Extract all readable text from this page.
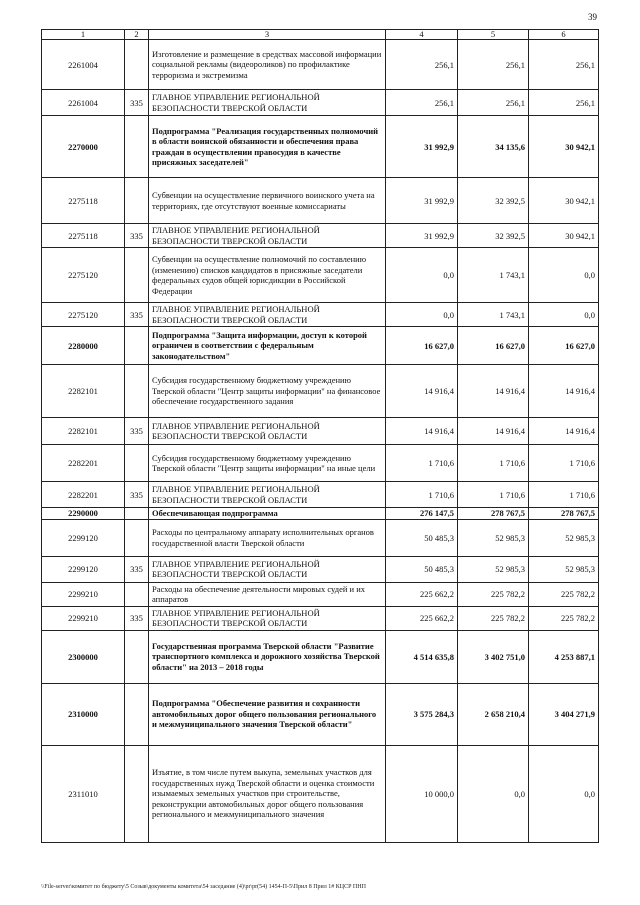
39
1	2	3	4	5	6
2261004		Изготовление и размещение в средствах массовой информации социальной рекламы (видеороликов) по профилактике терроризма и экстремизма	256,1	256,1	256,1
2261004	335	ГЛАВНОЕ УПРАВЛЕНИЕ РЕГИОНАЛЬНОЙ БЕЗОПАСНОСТИ ТВЕРСКОЙ ОБЛАСТИ	256,1	256,1	256,1
2270000		Подпрограмма "Реализация государственных полномочий в области воинской обязанности и обеспечения права граждан в осуществлении правосудия в качестве присяжных заседателей"	31 992,9	34 135,6	30 942,1
2275118		Субвенции на осуществление первичного воинского учета на территориях, где отсутствуют военные комиссариаты	31 992,9	32 392,5	30 942,1
2275118	335	ГЛАВНОЕ УПРАВЛЕНИЕ РЕГИОНАЛЬНОЙ БЕЗОПАСНОСТИ ТВЕРСКОЙ ОБЛАСТИ	31 992,9	32 392,5	30 942,1
2275120		Субвенции на осуществление полномочий по составлению (изменению) списков кандидатов в присяжные заседатели федеральных судов общей юрисдикции в Российской Федерации	0,0	1 743,1	0,0
2275120	335	ГЛАВНОЕ УПРАВЛЕНИЕ РЕГИОНАЛЬНОЙ БЕЗОПАСНОСТИ ТВЕРСКОЙ ОБЛАСТИ	0,0	1 743,1	0,0
2280000		Подпрограмма "Защита информации, доступ к которой ограничен в соответствии с федеральным законодательством"	16 627,0	16 627,0	16 627,0
2282101		Субсидия государственному бюджетному учреждению Тверской области "Центр защиты информации" на финансовое обеспечение государственного задания	14 916,4	14 916,4	14 916,4
2282101	335	ГЛАВНОЕ УПРАВЛЕНИЕ РЕГИОНАЛЬНОЙ БЕЗОПАСНОСТИ ТВЕРСКОЙ ОБЛАСТИ	14 916,4	14 916,4	14 916,4
2282201		Субсидия государственному бюджетному учреждению Тверской области "Центр защиты информации" на иные цели	1 710,6	1 710,6	1 710,6
2282201	335	ГЛАВНОЕ УПРАВЛЕНИЕ РЕГИОНАЛЬНОЙ БЕЗОПАСНОСТИ ТВЕРСКОЙ ОБЛАСТИ	1 710,6	1 710,6	1 710,6
2290000		Обеспечивающая подпрограмма	276 147,5	278 767,5	278 767,5
2299120		Расходы по центральному аппарату исполнительных органов государственной власти Тверской области	50 485,3	52 985,3	52 985,3
2299120	335	ГЛАВНОЕ УПРАВЛЕНИЕ РЕГИОНАЛЬНОЙ БЕЗОПАСНОСТИ ТВЕРСКОЙ ОБЛАСТИ	50 485,3	52 985,3	52 985,3
2299210		Расходы на обеспечение деятельности мировых судей и их аппаратов	225 662,2	225 782,2	225 782,2
2299210	335	ГЛАВНОЕ УПРАВЛЕНИЕ РЕГИОНАЛЬНОЙ БЕЗОПАСНОСТИ ТВЕРСКОЙ ОБЛАСТИ	225 662,2	225 782,2	225 782,2
2300000		Государственная программа Тверской области "Развитие транспортного комплекса и дорожного хозяйства Тверской области" на 2013 – 2018 годы	4 514 635,8	3 402 751,0	4 253 887,1
2310000		Подпрограмма "Обеспечение развития и сохранности автомобильных дорог общего пользования регионального и межмуниципального значения Тверской области"	3 575 284,3	2 658 210,4	3 404 271,9
2311010		Изъятие, в том числе путем выкупа, земельных участков для государственных нужд Тверской области и оценка стоимости изымаемых земельных участков при строительстве, реконструкции автомобильных дорог общего пользования регионального и межмуниципального значения	10 000,0	0,0	0,0
\\File-server\комитет по бюджету\5 Созыв\документы комитета\54 заседание (4)\pr\pr(54) 1454-П-5\Прил 8 Прил 1# КЦСР ПНП
